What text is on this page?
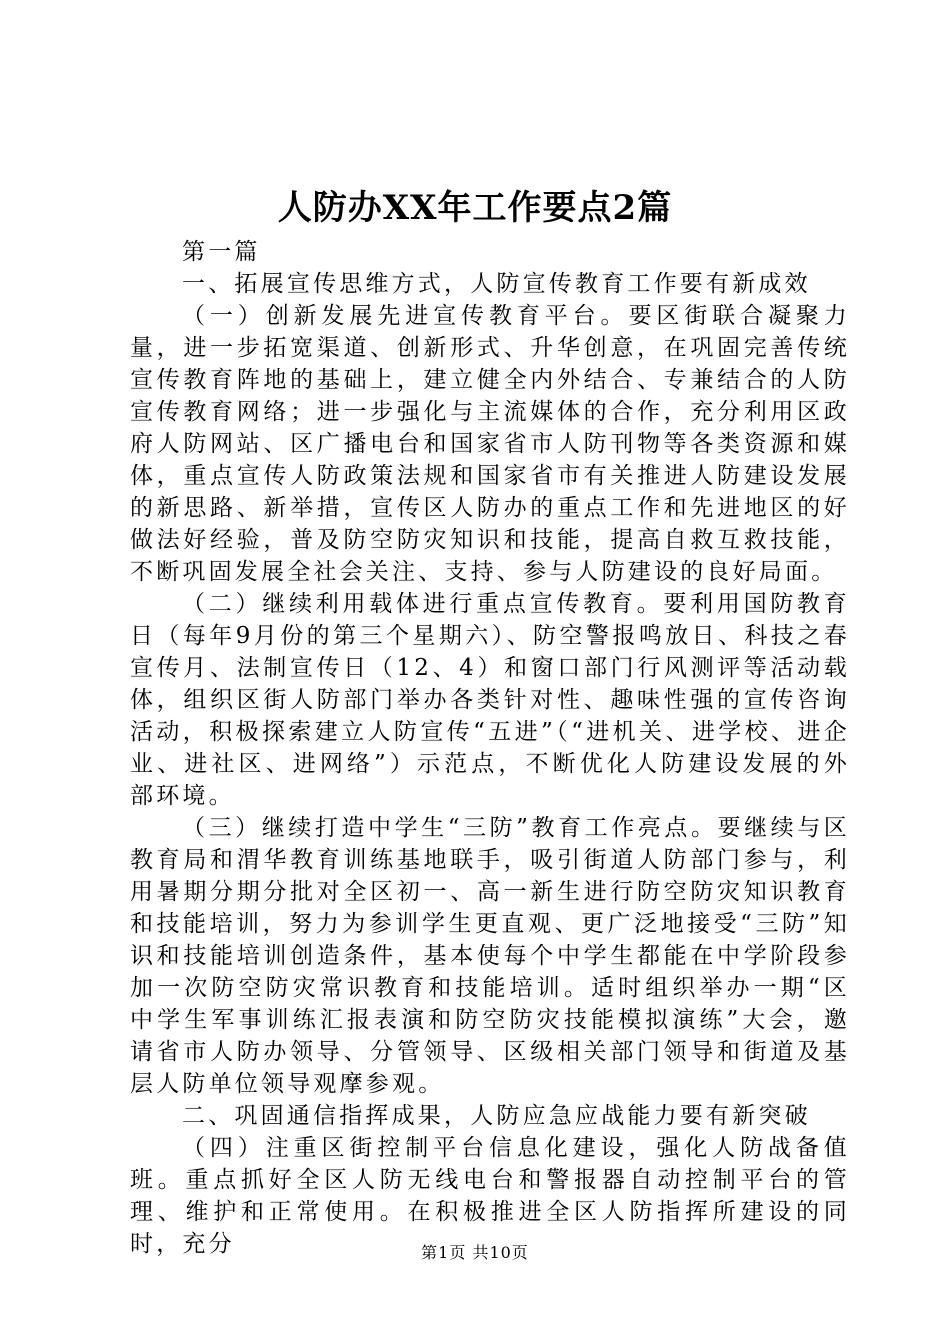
人防办XX年工作要点2篇

第一篇

一、拓展宣传思维方式，人防宣传教育工作要有新成效

（一）创新发展先进宣传教育平台。要区街联合凝聚力量，进一步拓宽渠道、创新形式、升华创意，在巩固完善传统宣传教育阵地的基础上，建立健全内外结合、专兼结合的人防宣传教育网络；进一步强化与主流媒体的合作，充分利用区政府人防网站、区广播电台和国家省市人防刊物等各类资源和媒体，重点宣传人防政策法规和国家省市有关推进人防建设发展的新思路、新举措，宣传区人防办的重点工作和先进地区的好做法好经验，普及防空防灾知识和技能，提高自救互救技能，不断巩固发展全社会关注、支持、参与人防建设的良好局面。

（二）继续利用载体进行重点宣传教育。要利用国防教育日（每年9月份的第三个星期六）、防空警报鸣放日、科技之春宣传月、法制宣传日（12、4）和窗口部门行风测评等活动载体，组织区街人防部门举办各类针对性、趣味性强的宣传咨询活动，积极探索建立人防宣传“五进”（“进机关、进学校、进企业、进社区、进网络”）示范点，不断优化人防建设发展的外部环境。

（三）继续打造中学生“三防”教育工作亮点。要继续与区教育局和渭华教育训练基地联手，吸引街道人防部门参与，利用暑期分期分批对全区初一、高一新生进行防空防灾知识教育和技能培训，努力为参训学生更直观、更广泛地接受“三防”知识和技能培训创造条件，基本使每个中学生都能在中学阶段参加一次防空防灾常识教育和技能培训。适时组织举办一期“区中学生军事训练汇报表演和防空防灾技能模拟演练”大会，邀请省市人防办领导、分管领导、区级相关部门领导和街道及基层人防单位领导观摩参观。

二、巩固通信指挥成果，人防应急应战能力要有新突破

（四）注重区街控制平台信息化建设，强化人防战备值班。重点抓好全区人防无线电台和警报器自动控制平台的管理、维护和正常使用。在积极推进全区人防指挥所建设的同时，充分	第1页 共10页
